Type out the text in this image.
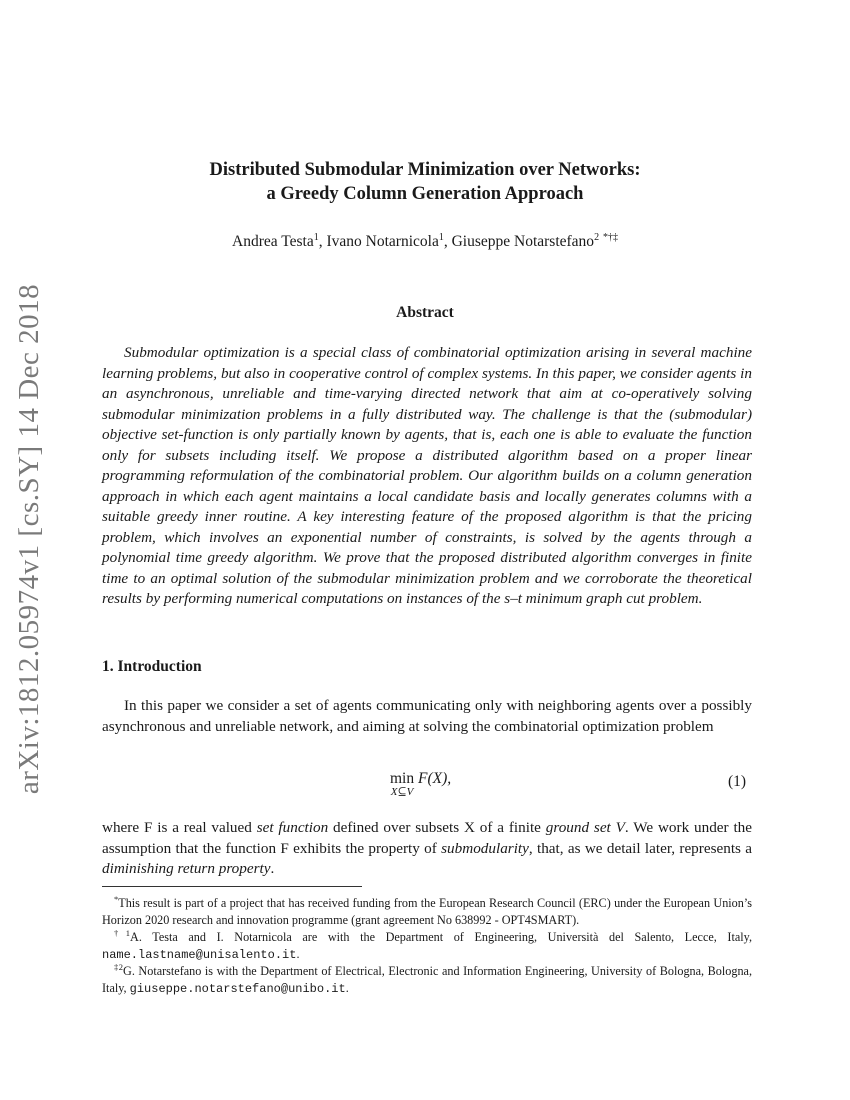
arXiv:1812.05974v1 [cs.SY] 14 Dec 2018
Distributed Submodular Minimization over Networks:
a Greedy Column Generation Approach
Andrea Testa$^1$, Ivano Notarnicola$^1$, Giuseppe Notarstefano$^2$ *†‡
Abstract

Submodular optimization is a special class of combinatorial optimization arising in several machine learning problems, but also in cooperative control of complex systems. In this paper, we consider agents in an asynchronous, unreliable and time-varying directed network that aim at co-operatively solving submodular minimization problems in a fully distributed way. The challenge is that the (submodular) objective set-function is only partially known by agents, that is, each one is able to evaluate the function only for subsets including itself. We propose a distributed algorithm based on a proper linear programming reformulation of the combinatorial problem. Our algorithm builds on a column generation approach in which each agent maintains a local candidate basis and locally generates columns with a suitable greedy inner routine. A key interesting feature of the proposed algorithm is that the pricing problem, which involves an exponential number of constraints, is solved by the agents through a polynomial time greedy algorithm. We prove that the proposed distributed algorithm converges in finite time to an optimal solution of the submodular minimization problem and we corroborate the theoretical results by performing numerical computations on instances of the s–t minimum graph cut problem.

1. Introduction

In this paper we consider a set of agents communicating only with neighboring agents over a possibly asynchronous and unreliable network, and aiming at solving the combinatorial optimization problem

min
X⊆V
F(X),	(1)

where F is a real valued set function defined over subsets X of a finite ground set V. We work under the assumption that the function F exhibits the property of submodularity, that, as we detail later, represents a diminishing return property.

*This result is part of a project that has received funding from the European Research Council (ERC) under the European Union’s Horizon 2020 research and innovation programme (grant agreement No 638992 - OPT4SMART).

$^{\dagger 1}$A. Testa and I. Notarnicola are with the Department of Engineering, Università del Salento, Lecce, Italy, name.lastname@unisalento.it.

$^{\ddagger 2}$G. Notarstefano is with the Department of Electrical, Electronic and Information Engineering, University of Bologna, Bologna, Italy, giuseppe.notarstefano@unibo.it.
